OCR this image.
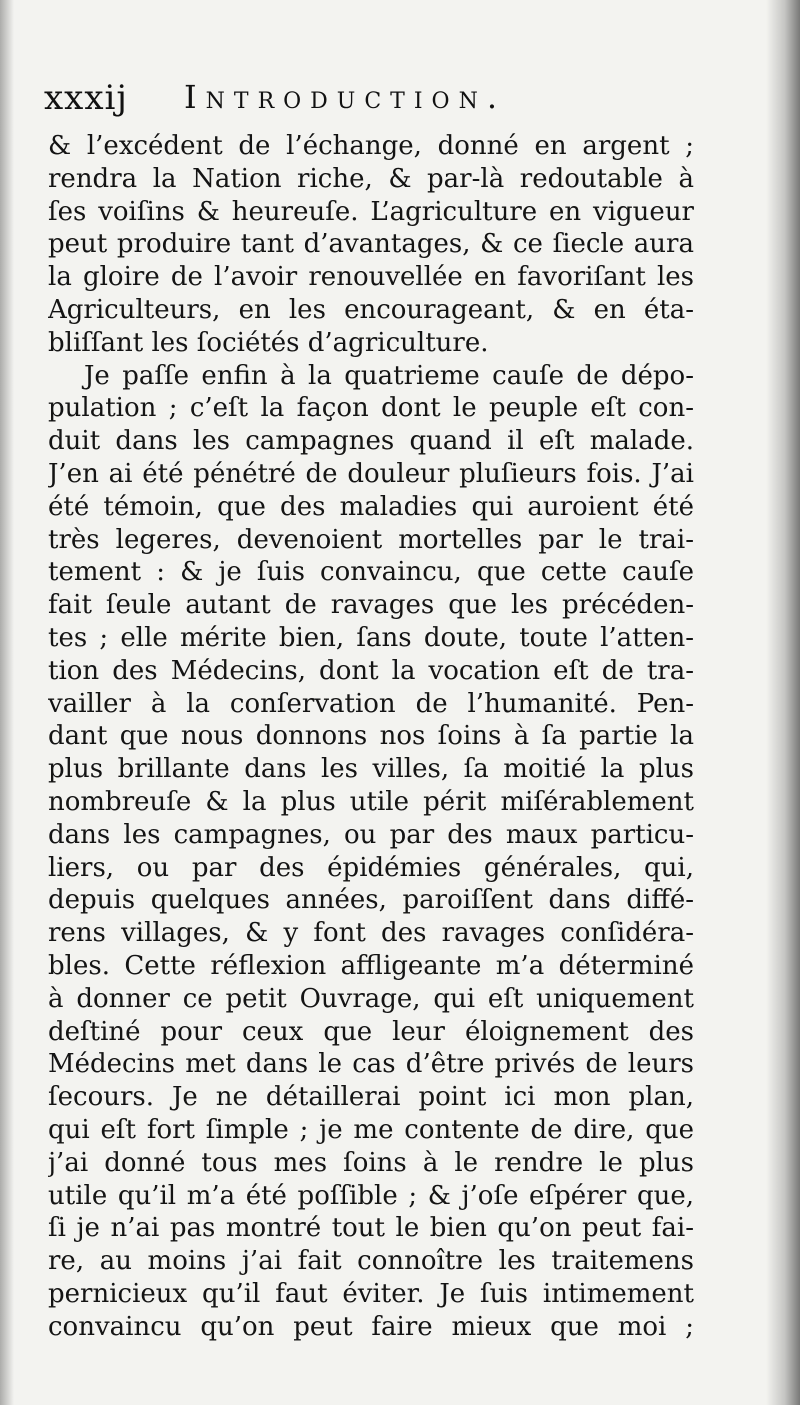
xxxij Introduction.
& l’excédent de l’échange, donné en argent ;
rendra la Nation riche, & par-là redoutable à
ſes voiſins & heureuſe. L’agriculture en vigueur
peut produire tant d’avantages, & ce ſiecle aura
la gloire de l’avoir renouvellée en favoriſant les
Agriculteurs, en les encourageant, & en éta-
bliſſant les ſociétés d’agriculture.
Je paſſe enfin à la quatrieme cauſe de dépo-
pulation ; c’eſt la façon dont le peuple eſt con-
duit dans les campagnes quand il eſt malade.
J’en ai été pénétré de douleur pluſieurs fois. J’ai
été témoin, que des maladies qui auroient été
très legeres, devenoient mortelles par le trai-
tement : & je ſuis convaincu, que cette cauſe
fait ſeule autant de ravages que les précéden-
tes ; elle mérite bien, ſans doute, toute l’atten-
tion des Médecins, dont la vocation eſt de tra-
vailler à la conſervation de l’humanité. Pen-
dant que nous donnons nos ſoins à ſa partie la
plus brillante dans les villes, ſa moitié la plus
nombreuſe & la plus utile périt miſérablement
dans les campagnes, ou par des maux particu-
liers, ou par des épidémies générales, qui,
depuis quelques années, paroiſſent dans diffé-
rens villages, & y font des ravages conſidéra-
bles. Cette réflexion affligeante m’a déterminé
à donner ce petit Ouvrage, qui eſt uniquement
deſtiné pour ceux que leur éloignement des
Médecins met dans le cas d’être privés de leurs
ſecours. Je ne détaillerai point ici mon plan,
qui eſt fort ſimple ; je me contente de dire, que
j’ai donné tous mes ſoins à le rendre le plus
utile qu’il m’a été poſſible ; & j’oſe eſpérer que,
ſi je n’ai pas montré tout le bien qu’on peut fai-
re, au moins j’ai fait connoître les traitemens
pernicieux qu’il faut éviter. Je ſuis intimement
convaincu qu’on peut faire mieux que moi ;
